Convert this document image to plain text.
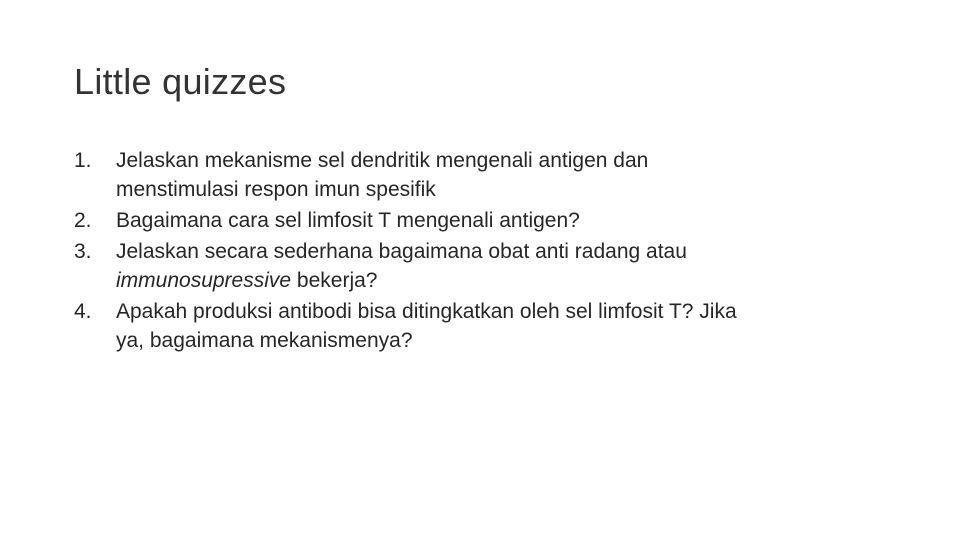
Little quizzes
1.	Jelaskan mekanisme sel dendritik mengenali antigen dan
menstimulasi respon imun spesifik
2.	Bagaimana cara sel limfosit T mengenali antigen?
3.	Jelaskan secara sederhana bagaimana obat anti radang atau
immunosupressive bekerja?
4.	Apakah produksi antibodi bisa ditingkatkan oleh sel limfosit T? Jika
ya, bagaimana mekanismenya?
